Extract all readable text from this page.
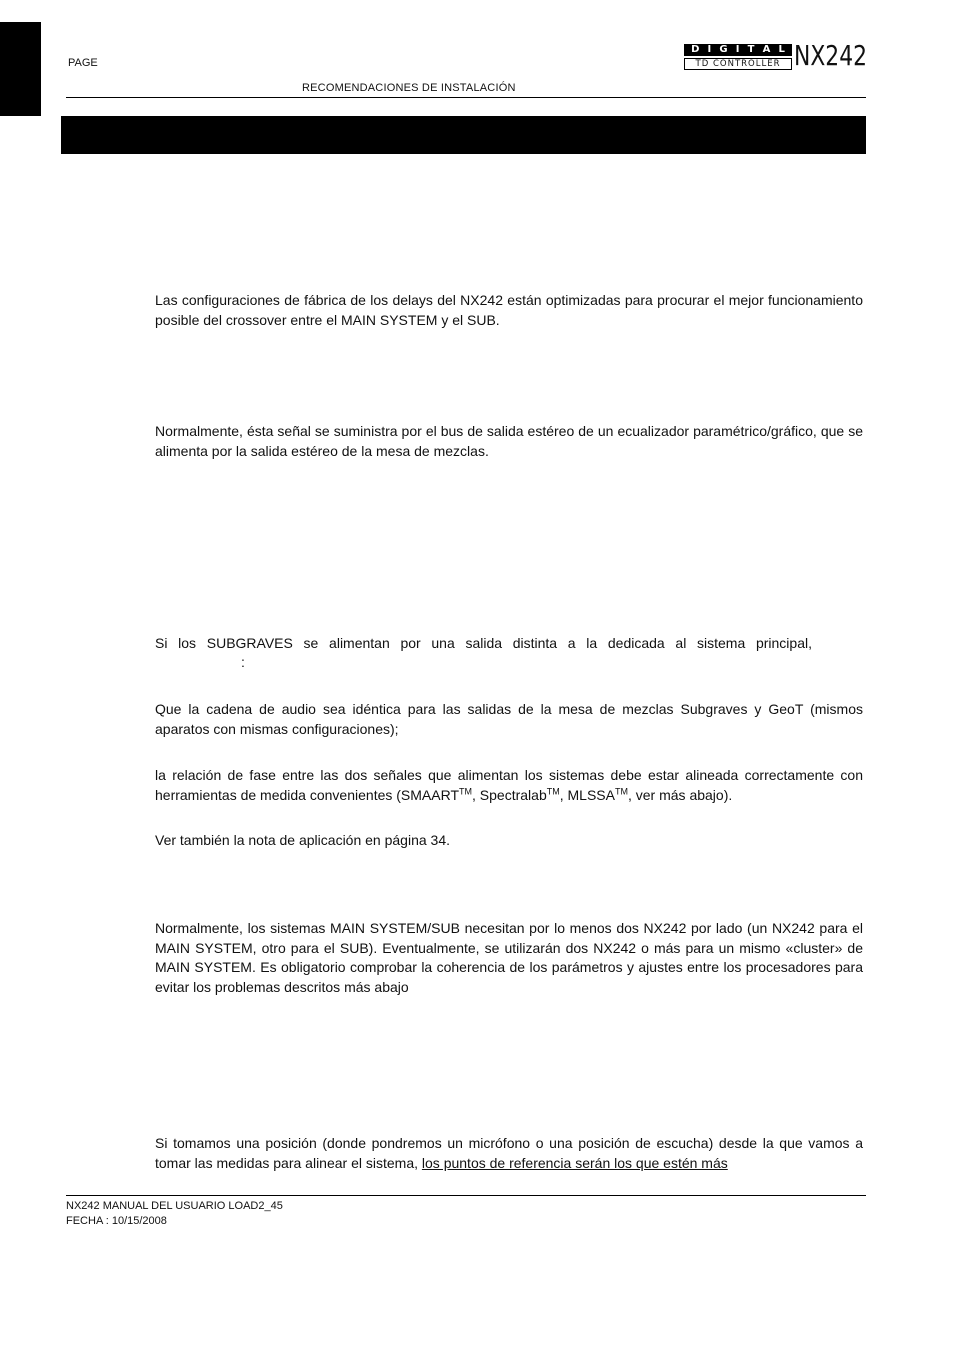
PAGE
RECOMENDACIONES DE INSTALACIÓN
D I G I T A L
TD CONTROLLER NX242

Las configuraciones de fábrica de los delays del NX242 están optimizadas para procurar el mejor funcionamiento posible del crossover entre el MAIN SYSTEM y el SUB.

Normalmente, ésta señal se suministra por el bus de salida estéreo de un ecualizador paramétrico/gráfico, que se alimenta por la salida estéreo de la mesa de mezclas.

Si los SUBGRAVES se alimentan por una salida distinta a la dedicada al sistema principal,

:

Que la cadena de audio sea idéntica para las salidas de la mesa de mezclas Subgraves y GeoT (mismos aparatos con mismas configuraciones);

la relación de fase entre las dos señales que alimentan los sistemas debe estar alineada correctamente con herramientas de medida convenientes (SMAART™, Spectralab™, MLSSA™, ver más abajo).

Ver también la nota de aplicación en página 34.

Normalmente, los sistemas MAIN SYSTEM/SUB necesitan por lo menos dos NX242 por lado (un NX242 para el MAIN SYSTEM, otro para el SUB). Eventualmente, se utilizarán dos NX242 o más para un mismo «cluster» de MAIN SYSTEM. Es obligatorio comprobar la coherencia de los parámetros y ajustes entre los procesadores para evitar los problemas descritos más abajo

Si tomamos una posición (donde pondremos un micrófono o una posición de escucha) desde la que vamos a tomar las medidas para alinear el sistema, los puntos de referencia serán los que estén más

NX242 MANUAL DEL USUARIO LOAD2_45
FECHA : 10/15/2008
